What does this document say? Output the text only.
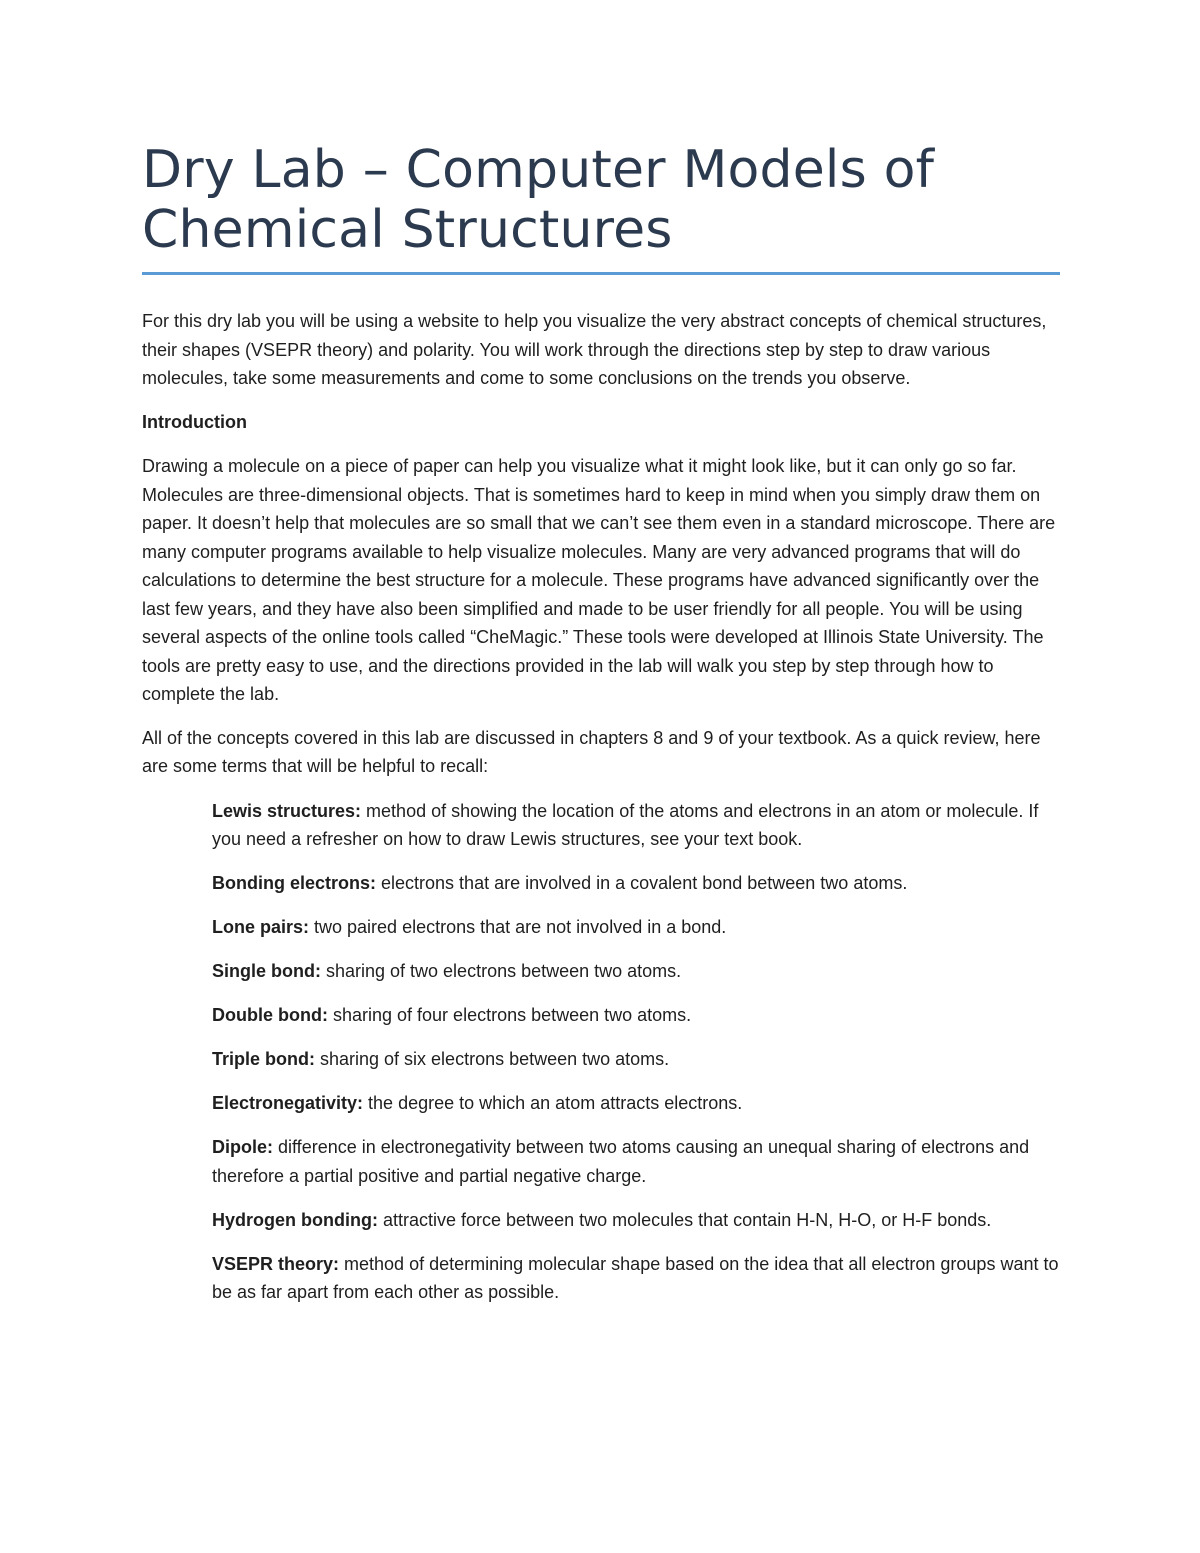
Dry Lab – Computer Models of Chemical Structures

For this dry lab you will be using a website to help you visualize the very abstract concepts of chemical structures, their shapes (VSEPR theory) and polarity. You will work through the directions step by step to draw various molecules, take some measurements and come to some conclusions on the trends you observe.

Introduction

Drawing a molecule on a piece of paper can help you visualize what it might look like, but it can only go so far. Molecules are three-dimensional objects. That is sometimes hard to keep in mind when you simply draw them on paper. It doesn’t help that molecules are so small that we can’t see them even in a standard microscope. There are many computer programs available to help visualize molecules. Many are very advanced programs that will do calculations to determine the best structure for a molecule. These programs have advanced significantly over the last few years, and they have also been simplified and made to be user friendly for all people. You will be using several aspects of the online tools called “CheMagic.” These tools were developed at Illinois State University. The tools are pretty easy to use, and the directions provided in the lab will walk you step by step through how to complete the lab.

All of the concepts covered in this lab are discussed in chapters 8 and 9 of your textbook. As a quick review, here are some terms that will be helpful to recall:

Lewis structures: method of showing the location of the atoms and electrons in an atom or molecule. If you need a refresher on how to draw Lewis structures, see your text book.
Bonding electrons: electrons that are involved in a covalent bond between two atoms.
Lone pairs: two paired electrons that are not involved in a bond.
Single bond: sharing of two electrons between two atoms.
Double bond: sharing of four electrons between two atoms.
Triple bond: sharing of six electrons between two atoms.
Electronegativity: the degree to which an atom attracts electrons.
Dipole: difference in electronegativity between two atoms causing an unequal sharing of electrons and therefore a partial positive and partial negative charge.
Hydrogen bonding: attractive force between two molecules that contain H-N, H-O, or H-F bonds.
VSEPR theory: method of determining molecular shape based on the idea that all electron groups want to be as far apart from each other as possible.
